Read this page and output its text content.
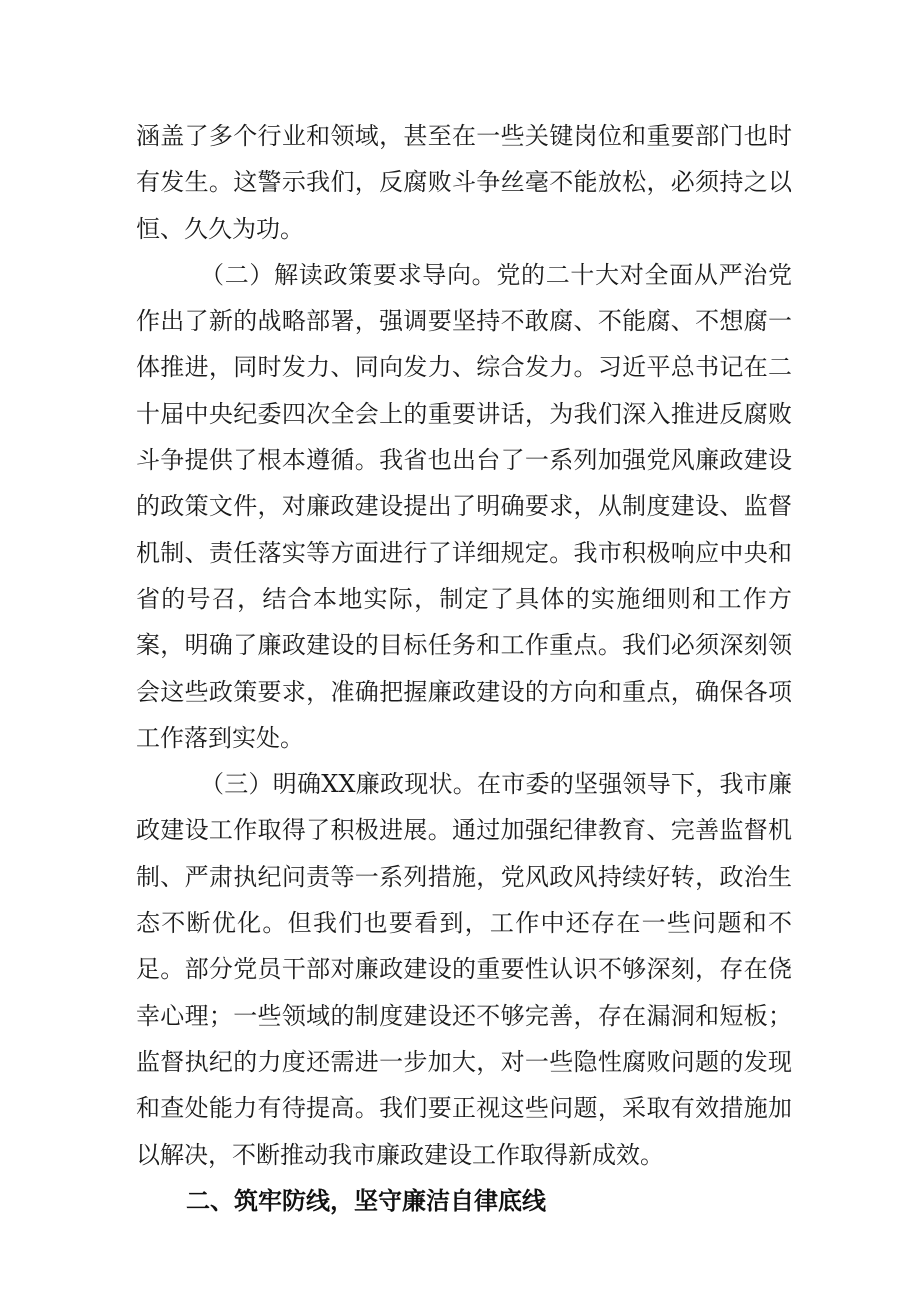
涵盖了多个行业和领域，甚至在一些关键岗位和重要部门也时有发生。这警示我们，反腐败斗争丝毫不能放松，必须持之以恒、久久为功。

（二）解读政策要求导向。党的二十大对全面从严治党作出了新的战略部署，强调要坚持不敢腐、不能腐、不想腐一体推进，同时发力、同向发力、综合发力。习近平总书记在二十届中央纪委四次全会上的重要讲话，为我们深入推进反腐败斗争提供了根本遵循。我省也出台了一系列加强党风廉政建设的政策文件，对廉政建设提出了明确要求，从制度建设、监督机制、责任落实等方面进行了详细规定。我市积极响应中央和省的号召，结合本地实际，制定了具体的实施细则和工作方案，明确了廉政建设的目标任务和工作重点。我们必须深刻领会这些政策要求，准确把握廉政建设的方向和重点，确保各项工作落到实处。

（三）明确XX廉政现状。在市委的坚强领导下，我市廉政建设工作取得了积极进展。通过加强纪律教育、完善监督机制、严肃执纪问责等一系列措施，党风政风持续好转，政治生态不断优化。但我们也要看到，工作中还存在一些问题和不足。部分党员干部对廉政建设的重要性认识不够深刻，存在侥幸心理；一些领域的制度建设还不够完善，存在漏洞和短板；监督执纪的力度还需进一步加大，对一些隐性腐败问题的发现和查处能力有待提高。我们要正视这些问题，采取有效措施加以解决，不断推动我市廉政建设工作取得新成效。

二、筑牢防线，坚守廉洁自律底线
